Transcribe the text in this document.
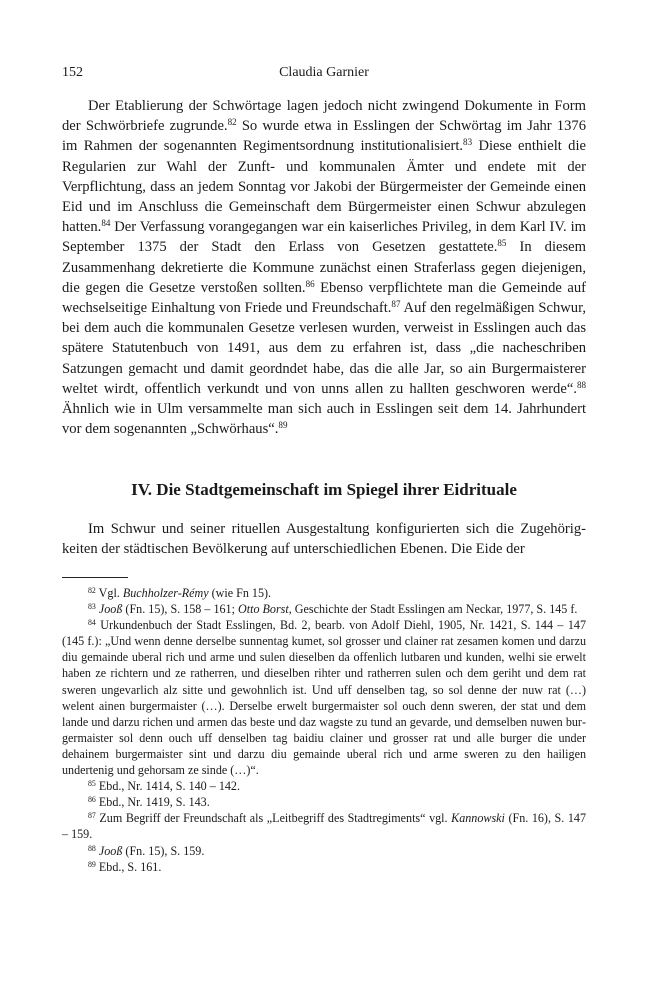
152	Claudia Garnier

Der Etablierung der Schwörtage lagen jedoch nicht zwingend Dokumente in Form der Schwörbriefe zugrunde.$^{82}$ So wurde etwa in Esslingen der Schwörtag im Jahr 1376 im Rahmen der sogenannten Regimentsordnung institutionalisiert.$^{83}$ Diese enthielt die Regularien zur Wahl der Zunft- und kommunalen Ämter und endete mit der Verpflichtung, dass an jedem Sonntag vor Jakobi der Bürgermeister der Gemeinde einen Eid und im Anschluss die Gemeinschaft dem Bürgermeister einen Schwur abzulegen hatten.$^{84}$ Der Verfassung vorangegangen war ein kaiserliches Privileg, in dem Karl IV. im September 1375 der Stadt den Erlass von Gesetzen gestattete.$^{85}$ In diesem Zusammenhang dekretierte die Kommune zunächst einen Straferlass gegen diejenigen, die gegen die Gesetze verstoßen sollten.$^{86}$ Ebenso verpflichtete man die Gemeinde auf wechselseitige Einhaltung von Friede und Freundschaft.$^{87}$ Auf den regelmäßigen Schwur, bei dem auch die kommunalen Gesetze verlesen wurden, verweist in Esslingen auch das spätere Statutenbuch von 1491, aus dem zu erfahren ist, dass „die nacheschriben Satzungen gemacht und damit geordndet habe, das die alle Jar, so ain Burgermaisterer weltet wirdt, offentlich verkundt und von unns allen zu hallten geschworen werde“.$^{88}$ Ähnlich wie in Ulm versammelte man sich auch in Esslingen seit dem 14. Jahrhundert vor dem sogenannten „Schwörhaus“.$^{89}$

IV. Die Stadtgemeinschaft im Spiegel ihrer Eidrituale

Im Schwur und seiner rituellen Ausgestaltung konfigurierten sich die Zugehörigkeiten der städtischen Bevölkerung auf unterschiedlichen Ebenen. Die Eide der

$^{82}$ Vgl. Buchholzer-Rémy (wie Fn 15).

$^{83}$ Jooß (Fn. 15), S. 158 – 161; Otto Borst, Geschichte der Stadt Esslingen am Neckar, 1977, S. 145 f.

$^{84}$ Urkundenbuch der Stadt Esslingen, Bd. 2, bearb. von Adolf Diehl, 1905, Nr. 1421, S. 144 – 147 (145 f.): „Und wenn denne derselbe sunnentag kumet, sol grosser und clainer rat zesamen komen und darzu diu gemainde uberal rich und arme und sulen dieselben da offenlich lutbaren und kunden, welhi sie erwelt haben ze richtern und ze ratherren, und dieselben rihter und ratherren sulen och dem geriht und dem rat sweren ungevarlich alz sitte und gewohnlich ist. Und uff denselben tag, so sol denne der nuw rat (…) welent ainen burgermaister (…). Derselbe erwelt burgermaister sol ouch denn sweren, der stat und dem lande und darzu richen und armen das beste und daz wagste zu tund an gevarde, und demselben nuwen burgermaister sol denn ouch uff denselben tag baidiu clainer und grosser rat und alle burger die under dehainem burgermaister sint und darzu diu gemainde uberal rich und arme sweren zu den hailigen undertenig und gehorsam ze sinde (…)“.

$^{85}$ Ebd., Nr. 1414, S. 140 – 142.

$^{86}$ Ebd., Nr. 1419, S. 143.

$^{87}$ Zum Begriff der Freundschaft als „Leitbegriff des Stadtregiments“ vgl. Kannowski (Fn. 16), S. 147 – 159.

$^{88}$ Jooß (Fn. 15), S. 159.

$^{89}$ Ebd., S. 161.
